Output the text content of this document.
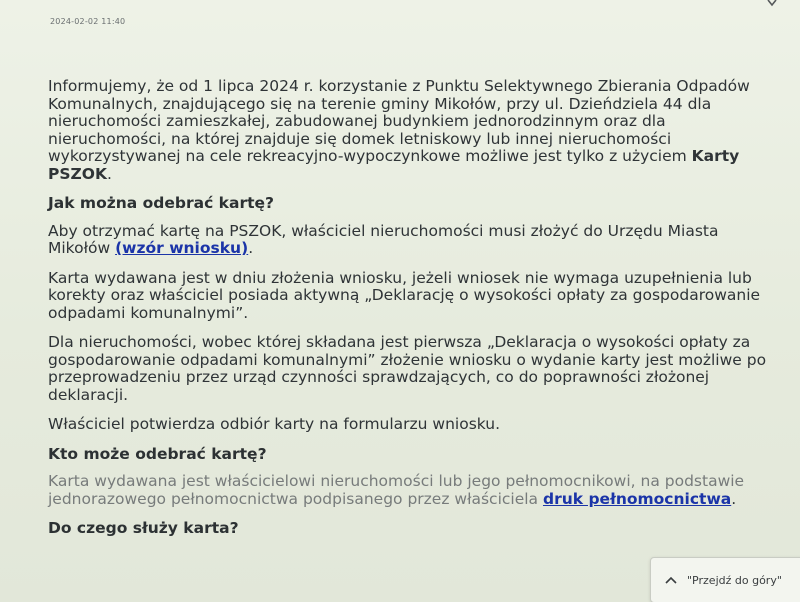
2024-02-02 11:40

Informujemy, że od 1 lipca 2024 r. korzystanie z Punktu Selektywnego Zbierania Odpadów Komunalnych, znajdującego się na terenie gminy Mikołów, przy ul. Dzieńdziela 44 dla nieruchomości zamieszkałej, zabudowanej budynkiem jednorodzinnym oraz dla nieruchomości, na której znajduje się domek letniskowy lub innej nieruchomości wykorzystywanej na cele rekreacyjno-wypoczynkowe możliwe jest tylko z użyciem Karty PSZOK.

Jak można odebrać kartę?

Aby otrzymać kartę na PSZOK, właściciel nieruchomości musi złożyć do Urzędu Miasta Mikołów (wzór wniosku).

Karta wydawana jest w dniu złożenia wniosku, jeżeli wniosek nie wymaga uzupełnienia lub korekty oraz właściciel posiada aktywną „Deklarację o wysokości opłaty za gospodarowanie odpadami komunalnymi”.

Dla nieruchomości, wobec której składana jest pierwsza „Deklaracja o wysokości opłaty za gospodarowanie odpadami komunalnymi” złożenie wniosku o wydanie karty jest możliwe po przeprowadzeniu przez urząd czynności sprawdzających, co do poprawności złożonej deklaracji.

Właściciel potwierdza odbiór karty na formularzu wniosku.

Kto może odebrać kartę?

Karta wydawana jest właścicielowi nieruchomości lub jego pełnomocnikowi, na podstawie jednorazowego pełnomocnictwa podpisanego przez właściciela druk pełnomocnictwa.

Do czego służy karta?
"Przejdź do góry"
